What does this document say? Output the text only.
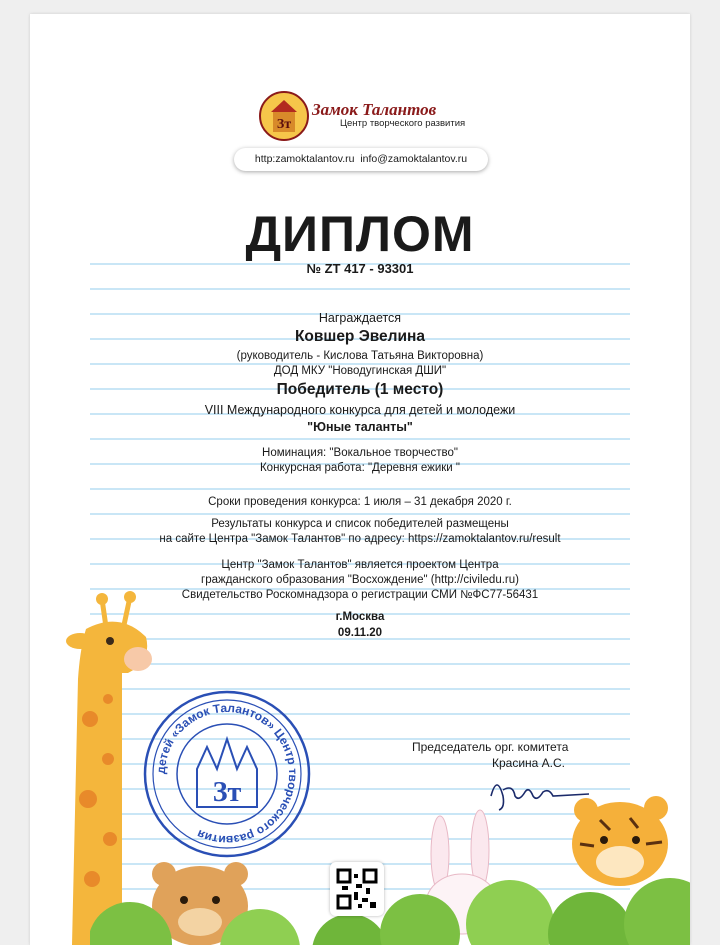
Зт
Замок Талантов
Центр творческого развития
http:zamoktalantov.ru info@zamoktalantov.ru
ДИПЛОМ
№ ZT 417 - 93301
Награждается
Ковшер Эвелина
(руководитель - Кислова Татьяна Викторовна)
ДОД МКУ "Новодугинская ДШИ"
Победитель (1 место)
VIII Международного конкурса для детей и молодежи
"Юные таланты"
Номинация: "Вокальное творчество"
Конкурсная работа: "Деревня ежики "
Сроки проведения конкурса: 1 июля – 31 декабря 2020 г.
Результаты конкурса и список победителей размещены
на сайте Центра "Замок Талантов" по адресу: https://zamoktalantov.ru/result
Центр "Замок Талантов" является проектом Центра
гражданского образования "Восхождение" (http://civiledu.ru)
Свидетельство Роскомнадзора о регистрации СМИ №ФС77-56431
г.Москва
09.11.20
детей «Замок Талантов» Центр творческого развития
Зт
Председатель орг. комитета
Красина А.С.
